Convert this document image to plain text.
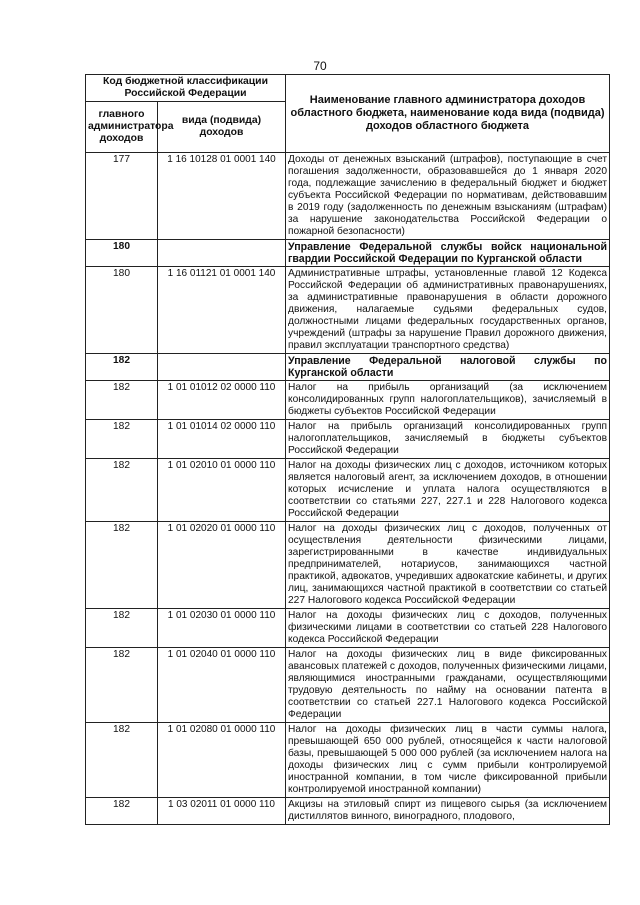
70
Код бюджетной классификации Российской Федерации		Наименование главного администратора доходов областного бюджета, наименование кода вида (подвида) доходов областного бюджета
главного администратора доходов	вида (подвида) доходов	
177	1 16 10128 01 0001 140	Доходы от денежных взысканий (штрафов), поступающие в счет погашения задолженности, образовавшейся до 1 января 2020 года, подлежащие зачислению в федеральный бюджет и бюджет субъекта Российской Федерации по нормативам, действовавшим в 2019 году (задолженность по денежным взысканиям (штрафам) за нарушение законодательства Российской Федерации о пожарной безопасности)
180		Управление Федеральной службы войск национальной гвардии Российской Федерации по Курганской области
180	1 16 01121 01 0001 140	Административные штрафы, установленные главой 12 Кодекса Российской Федерации об административных правонарушениях, за административные правонарушения в области дорожного движения, налагаемые судьями федеральных судов, должностными лицами федеральных государственных органов, учреждений (штрафы за нарушение Правил дорожного движения, правил эксплуатации транспортного средства)
182		Управление Федеральной налоговой службы по Курганской области
182	1 01 01012 02 0000 110	Налог на прибыль организаций (за исключением консолидированных групп налогоплательщиков), зачисляемый в бюджеты субъектов Российской Федерации
182	1 01 01014 02 0000 110	Налог на прибыль организаций консолидированных групп налогоплательщиков, зачисляемый в бюджеты субъектов Российской Федерации
182	1 01 02010 01 0000 110	Налог на доходы физических лиц с доходов, источником которых является налоговый агент, за исключением доходов, в отношении которых исчисление и уплата налога осуществляются в соответствии со статьями 227, 227.1 и 228 Налогового кодекса Российской Федерации
182	1 01 02020 01 0000 110	Налог на доходы физических лиц с доходов, полученных от осуществления деятельности физическими лицами, зарегистрированными в качестве индивидуальных предпринимателей, нотариусов, занимающихся частной практикой, адвокатов, учредивших адвокатские кабинеты, и других лиц, занимающихся частной практикой в соответствии со статьей 227 Налогового кодекса Российской Федерации
182	1 01 02030 01 0000 110	Налог на доходы физических лиц с доходов, полученных физическими лицами в соответствии со статьей 228 Налогового кодекса Российской Федерации
182	1 01 02040 01 0000 110	Налог на доходы физических лиц в виде фиксированных авансовых платежей с доходов, полученных физическими лицами, являющимися иностранными гражданами, осуществляющими трудовую деятельность по найму на основании патента в соответствии со статьей 227.1 Налогового кодекса Российской Федерации
182	1 01 02080 01 0000 110	Налог на доходы физических лиц в части суммы налога, превышающей 650 000 рублей, относящейся к части налоговой базы, превышающей 5 000 000 рублей (за исключением налога на доходы физических лиц с сумм прибыли контролируемой иностранной компании, в том числе фиксированной прибыли контролируемой иностранной компании)
182	1 03 02011 01 0000 110	Акцизы на этиловый спирт из пищевого сырья (за исключением дистиллятов винного, виноградного, плодового,
